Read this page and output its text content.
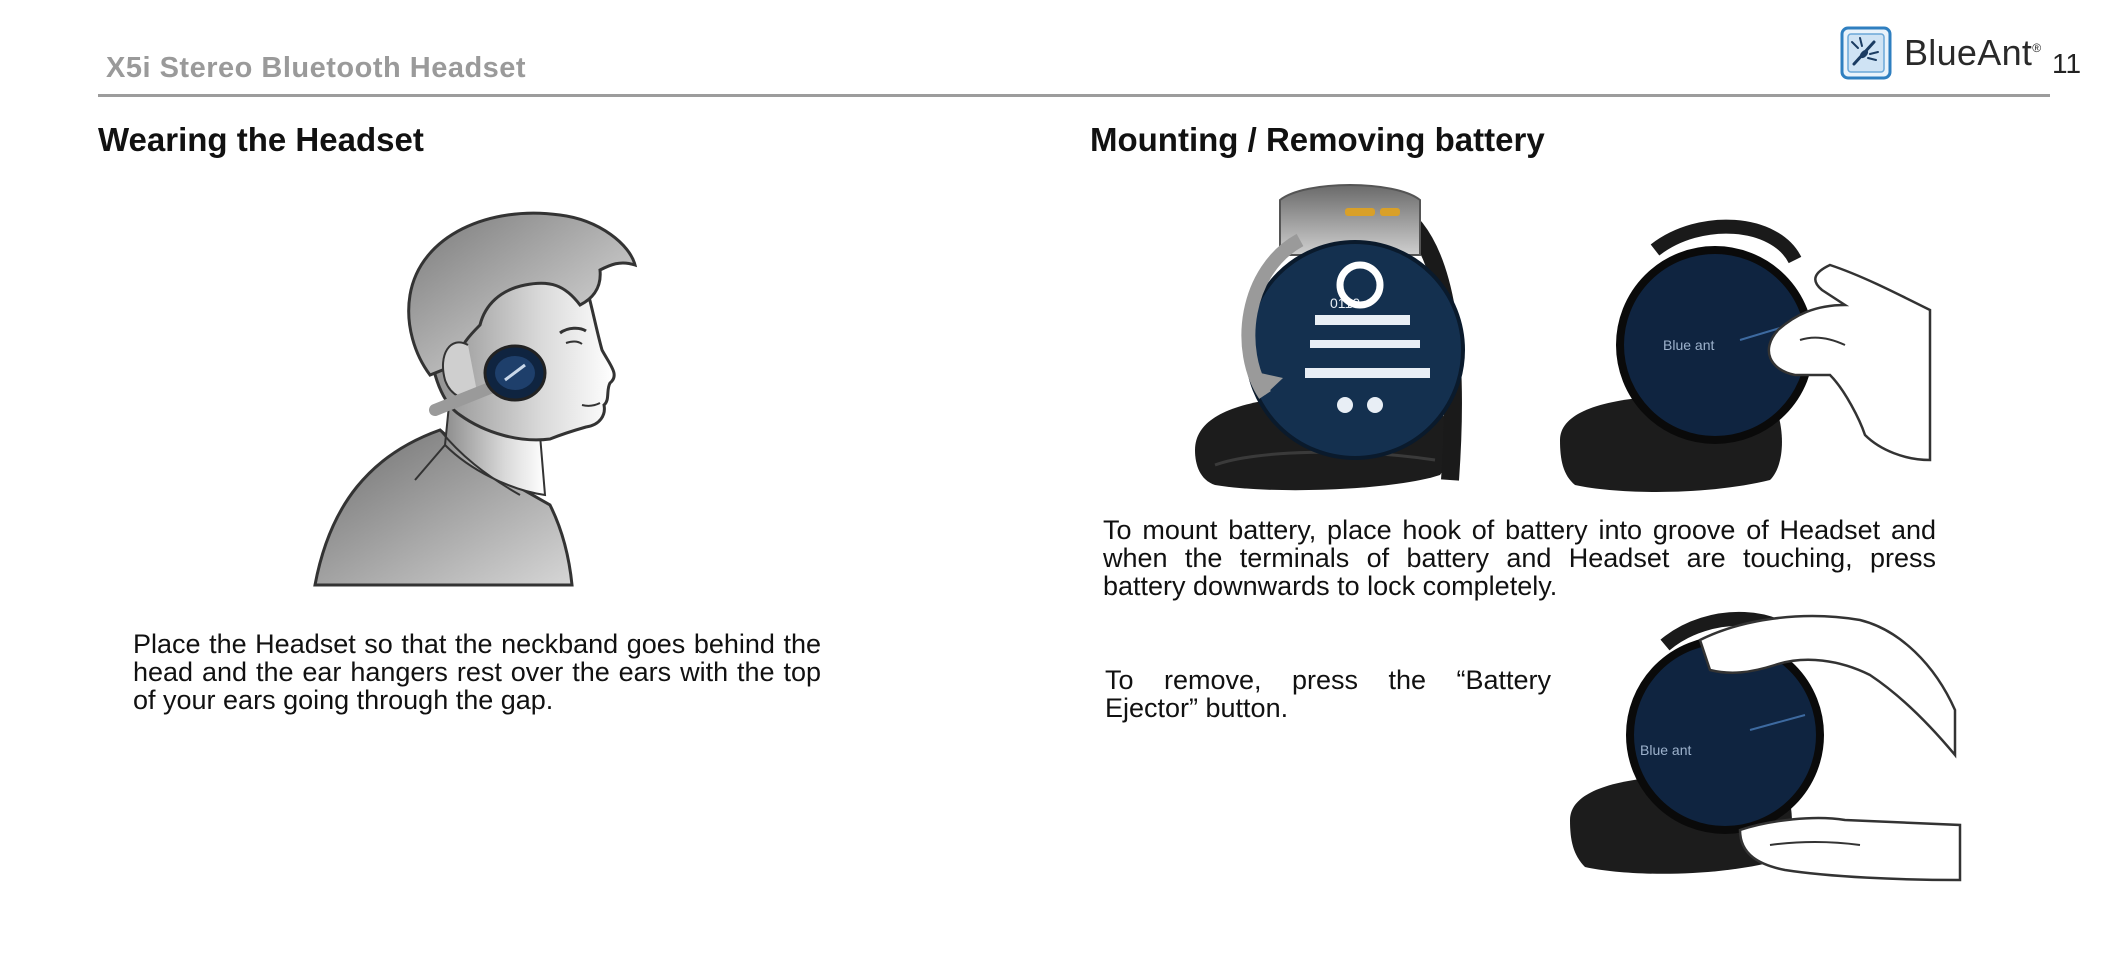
X5i Stereo Bluetooth Headset	BlueAnt® 11
Wearing the Headset
Place the Headset so that the neckband goes behind the head and the ear hangers rest over the ears with the top of your ears going through the gap.
Mounting / Removing battery
0110
Blue ant
To mount battery, place hook of battery into groove of Headset and when the terminals of battery and Headset are touching, press battery downwards to lock completely.
To remove, press the “Battery Ejector” button.
Blue ant
